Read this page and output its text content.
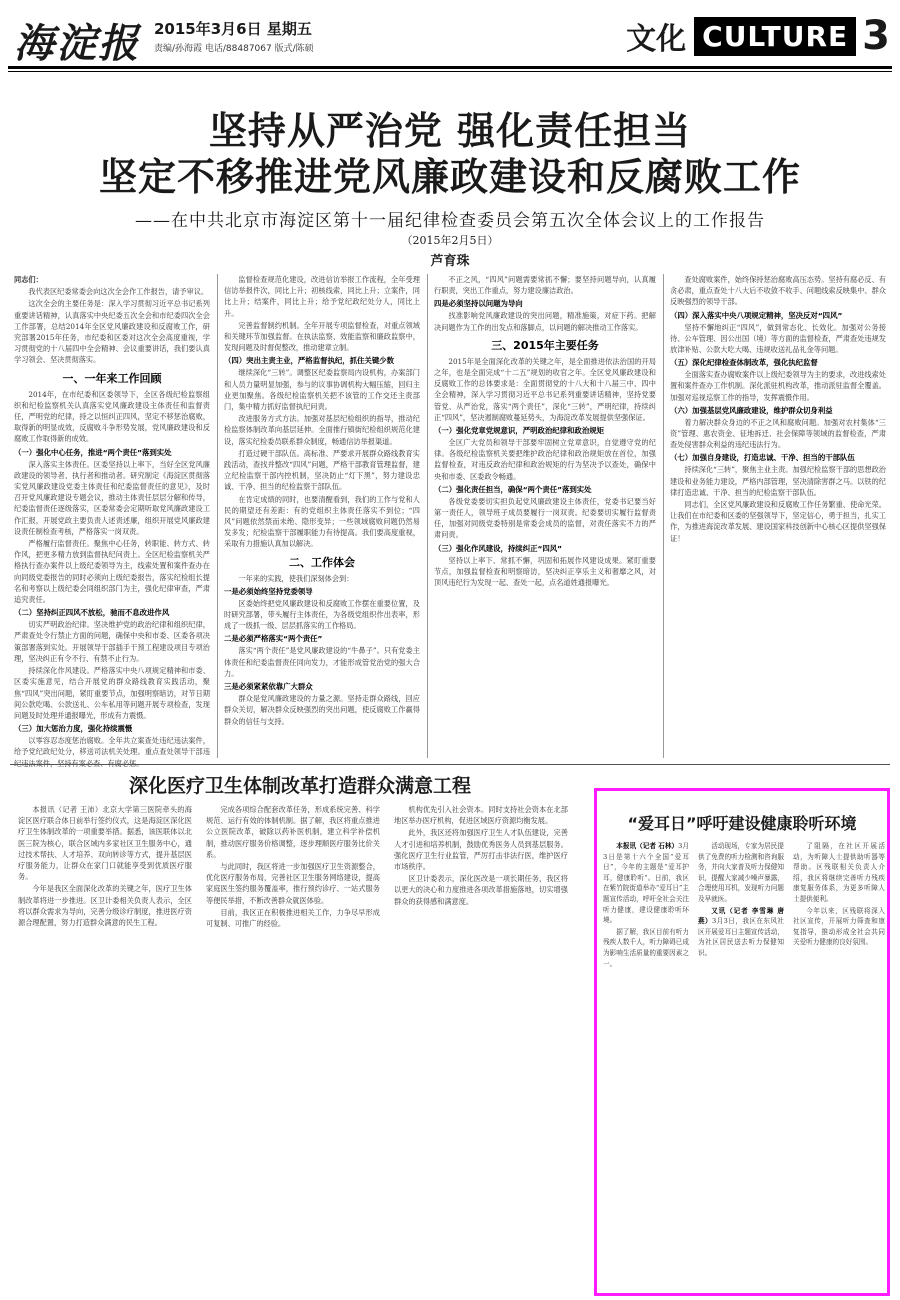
海淀报 2015年3月6日 星期五
责编/孙海霞 电话/88487067 版式/陈硕	文化 CULTURE 3
坚持从严治党 强化责任担当
坚定不移推进党风廉政建设和反腐败工作
——在中共北京市海淀区第十一届纪律检查委员会第五次全体会议上的工作报告
（2015年2月5日）
芦育珠

同志们：

我代表区纪委常委会向这次全会作工作报告，请予审议。

这次全会的主要任务是：深入学习贯彻习近平总书记系列重要讲话精神，认真落实中央纪委五次全会和市纪委四次全会工作部署，总结2014年全区党风廉政建设和反腐败工作，研究部署2015年任务，市纪委和区委对这次全会高度重视，学习贯彻党的十八届四中全会精神、会议重要讲话，我们要认真学习领会、坚决贯彻落实。

一、一年来工作回顾

2014年，在市纪委和区委领导下，全区各级纪检监察组织和纪检监察机关认真落实党风廉政建设主体责任和监督责任，严明党的纪律，持之以恒纠正四风，坚定不移惩治腐败，取得新的明显成效，反腐败斗争形势发展，党风廉政建设和反腐败工作取得新的成效。

（一）强化中心任务，推进“两个责任”落到实处

深入落实主体责任。区委坚持以上率下，当好全区党风廉政建设的领导者、执行者和推动者。研究制定《海淀区贯彻落实党风廉政建设党委主体责任和纪委监督责任的意见》，及时召开党风廉政建设专题会议，推动主体责任层层分解和传导，纪委监督责任逐级落实，区委常委会定期听取党风廉政建设工作汇报，开展党政主要负责人述责述廉，组织开展党风廉政建设责任制检查考核，严格落实一岗双责。

严格履行监督责任。聚焦中心任务，转职能、转方式、转作风，把更多精力放到监督执纪问责上。全区纪检监察机关严格执行查办案件以上级纪委领导为主，线索处置和案件查办在向同级党委报告的同时必须向上级纪委报告，落实纪检组长提名和考察以上级纪委会同组织部门为主，强化纪律审查，严肃追究责任。

（二）坚持纠正四风不放松，驰而不息改进作风

切实严明政治纪律。坚决维护党的政治纪律和组织纪律，严肃查处令行禁止方面的问题，确保中央和市委、区委各项决策部署落到实处。开展领导干部插手干预工程建设项目专项治理，坚决纠正有令不行、有禁不止行为。

持续深化作风建设。严格落实中央八项规定精神和市委、区委实施意见，结合开展党的群众路线教育实践活动，聚焦“四风”突出问题，紧盯重要节点，加强明察暗访，对节日期间公款吃喝、公款送礼、公车私用等问题开展专项检查，发现问题及时处理并通报曝光，形成有力震慑。

（三）加大惩治力度，强化持续震慑

以零容忍态度惩治腐败。全年共立案查处违纪违法案件，给予党纪政纪处分，移送司法机关处理。重点查处领导干部违纪违法案件，坚持有案必查、有腐必惩。

监督检查规范化建设，改进信访举报工作流程，全年受理信访举报件次，同比上升；初核线索，同比上升；立案件，同比上升；结案件，同比上升；给予党纪政纪处分人，同比上升。

完善监督制约机制。全年开展专项监督检查，对重点领域和关键环节加强监督。在执法监察、效能监察和廉政监察中，发现问题及时督促整改，推动建章立制。

（四）突出主责主业，严格监督执纪，抓住关键少数

继续深化“三转”。调整区纪委监察局内设机构，办案部门和人员力量明显加强，参与的议事协调机构大幅压缩，回归主业更加聚焦。各级纪检监察机关把不该管的工作交还主责部门，集中精力抓好监督执纪问责。

改进服务方式方法。加强对基层纪检组织的指导，推动纪检监察体制改革向基层延伸。全面推行镇街纪检组织规范化建设，落实纪检委员联系群众制度，畅通信访举报渠道。

打造过硬干部队伍。高标准、严要求开展群众路线教育实践活动，查找并整改“四风”问题，严格干部教育管理监督，建立纪检监察干部内控机制，坚决防止“灯下黑”，努力建设忠诚、干净、担当的纪检监察干部队伍。

在肯定成绩的同时，也要清醒看到，我们的工作与党和人民的期望还有差距：有的党组织主体责任落实不到位；“四风”问题依然禁而未绝、隐形变异；一些领域腐败问题仍然易发多发；纪检监察干部履职能力有待提高。我们要高度重视，采取有力措施认真加以解决。

二、工作体会

一年来的实践，使我们深刻体会到：

一是必须始终坚持党委领导

区委始终把党风廉政建设和反腐败工作摆在重要位置，及时研究部署，带头履行主体责任，为各级党组织作出表率，形成了一级抓一级、层层抓落实的工作格局。

二是必须严格落实“两个责任”

落实“两个责任”是党风廉政建设的“牛鼻子”。只有党委主体责任和纪委监督责任同向发力，才能形成管党治党的强大合力。

三是必须紧紧依靠广大群众

群众是党风廉政建设的力量之源。坚持走群众路线，回应群众关切，解决群众反映强烈的突出问题，使反腐败工作赢得群众的信任与支持。

不正之风，“四风”问题需要常抓不懈；要坚持问题导向，认真履行职责，突出工作重点，努力建设廉洁政治。

四是必须坚持以问题为导向

找准影响党风廉政建设的突出问题，精准施策，对症下药。把解决问题作为工作的出发点和落脚点，以问题的解决推动工作落实。

三、2015年主要任务

2015年是全面深化改革的关键之年，是全面推进依法治国的开局之年，也是全面完成“十二五”规划的收官之年。全区党风廉政建设和反腐败工作的总体要求是：全面贯彻党的十八大和十八届三中、四中全会精神，深入学习贯彻习近平总书记系列重要讲话精神，坚持党要管党、从严治党，落实“两个责任”，深化“三转”，严明纪律，持续纠正“四风”，坚决遏制腐败蔓延势头，为海淀改革发展提供坚强保证。

（一）强化党章党规意识，严明政治纪律和政治规矩

全区广大党员和领导干部要牢固树立党章意识，自觉遵守党的纪律。各级纪检监察机关要把维护政治纪律和政治规矩放在首位，加强监督检查，对违反政治纪律和政治规矩的行为坚决予以查处，确保中央和市委、区委政令畅通。

（二）强化责任担当，确保“两个责任”落到实处

各级党委要切实担负起党风廉政建设主体责任，党委书记要当好第一责任人，领导班子成员要履行一岗双责。纪委要切实履行监督责任，加强对同级党委特别是常委会成员的监督，对责任落实不力的严肃问责。

（三）强化作风建设，持续纠正“四风”

坚持以上率下、常抓不懈，巩固和拓展作风建设成果。紧盯重要节点，加强监督检查和明察暗访，坚决纠正享乐主义和奢靡之风，对顶风违纪行为发现一起、查处一起，点名道姓通报曝光。

查处腐败案件，始终保持惩治腐败高压态势。坚持有腐必反、有贪必肃，重点查处十八大后不收敛不收手、问题线索反映集中、群众反映强烈的领导干部。

（四）深入落实中央八项规定精神，坚决反对“四风”

坚持不懈地纠正“四风”，做到常态化、长效化。加强对公务接待、公车管理、因公出国（境）等方面的监督检查，严肃查处违规发放津补贴、公款大吃大喝、违规收送礼品礼金等问题。

（五）深化纪律检查体制改革，强化执纪监督

全面落实查办腐败案件以上级纪委领导为主的要求，改进线索处置和案件查办工作机制。深化派驻机构改革，推动派驻监督全覆盖。加强对巡视巡察工作的指导，发挥震慑作用。

（六）加强基层党风廉政建设，维护群众切身利益

着力解决群众身边的不正之风和腐败问题。加强对农村集体“三资”管理、惠农资金、征地拆迁、社会保障等领域的监督检查，严肃查处侵害群众利益的违纪违法行为。

（七）加强自身建设，打造忠诚、干净、担当的干部队伍

持续深化“三转”，聚焦主业主责。加强纪检监察干部的思想政治建设和业务能力建设，严格内部管理，坚决清除害群之马。以铁的纪律打造忠诚、干净、担当的纪检监察干部队伍。

同志们，全区党风廉政建设和反腐败工作任务繁重、使命光荣。让我们在市纪委和区委的坚强领导下，坚定信心，勇于担当，扎实工作，为推进海淀改革发展、建设国家科技创新中心核心区提供坚强保证！

深化医疗卫生体制改革打造群众满意工程

本报讯（记者 王沛）北京大学第三医院牵头的海淀区医疗联合体日前举行签约仪式，这是海淀区深化医疗卫生体制改革的一项重要举措。据悉，该医联体以北医三院为核心，联合区域内多家社区卫生服务中心，通过技术帮扶、人才培养、双向转诊等方式，提升基层医疗服务能力，让群众在家门口就能享受到优质医疗服务。

今年是我区全面深化改革的关键之年，医疗卫生体制改革将进一步推进。区卫计委相关负责人表示，全区将以群众需求为导向，完善分级诊疗制度，推进医疗资源合理配置，努力打造群众满意的民生工程。

完成各项综合配套改革任务，形成系统完善、科学规范、运行有效的体制机制。据了解，我区将重点推进公立医院改革，破除以药补医机制，建立科学补偿机制，推动医疗服务价格调整，逐步理顺医疗服务比价关系。

与此同时，我区将进一步加强医疗卫生资源整合，优化医疗服务布局，完善社区卫生服务网络建设，提高家庭医生签约服务覆盖率，推行预约诊疗、一站式服务等便民举措，不断改善群众就医体验。

目前，我区正在积极推进相关工作，力争尽早形成可复制、可推广的经验。

机构优先引入社会资本。同时支持社会资本在北部地区举办医疗机构，促进区域医疗资源均衡发展。

此外，我区还将加强医疗卫生人才队伍建设，完善人才引进和培养机制，鼓励优秀医务人员到基层服务。强化医疗卫生行业监管，严厉打击非法行医，维护医疗市场秩序。

区卫计委表示，深化医改是一项长期任务，我区将以更大的决心和力度推进各项改革措施落地，切实增强群众的获得感和满意度。

“爱耳日”呼吁建设健康聆听环境

本报讯（记者 石林）3月3日是第十六个全国“爱耳日”，今年的主题是“爱耳护耳，健康聆听”。日前，我区在紫竹院街道举办“爱耳日”主题宣传活动，呼吁全社会关注听力健康，建设健康聆听环境。

据了解，我区目前有听力残疾人数千人，听力障碍已成为影响生活质量的重要因素之一。

活动现场，专家为居民提供了免费的听力检测和咨询服务，并向大家普及听力保健知识，提醒大家减少噪声暴露，合理使用耳机，发现听力问题及早就医。

又讯（记者 李雪琳 唐燕）3月3日，我区在东风社区开展爱耳日主题宣传活动，为社区居民送去听力保健知识。

了阻隔，在社区开展活动，为听障人士提供助听器等帮助。区残联相关负责人介绍，我区将继续完善听力残疾康复服务体系，为更多听障人士提供便利。

今年以来，区残联将深入社区宣传，开展听力筛查和康复指导，推动形成全社会共同关爱听力健康的良好氛围。
